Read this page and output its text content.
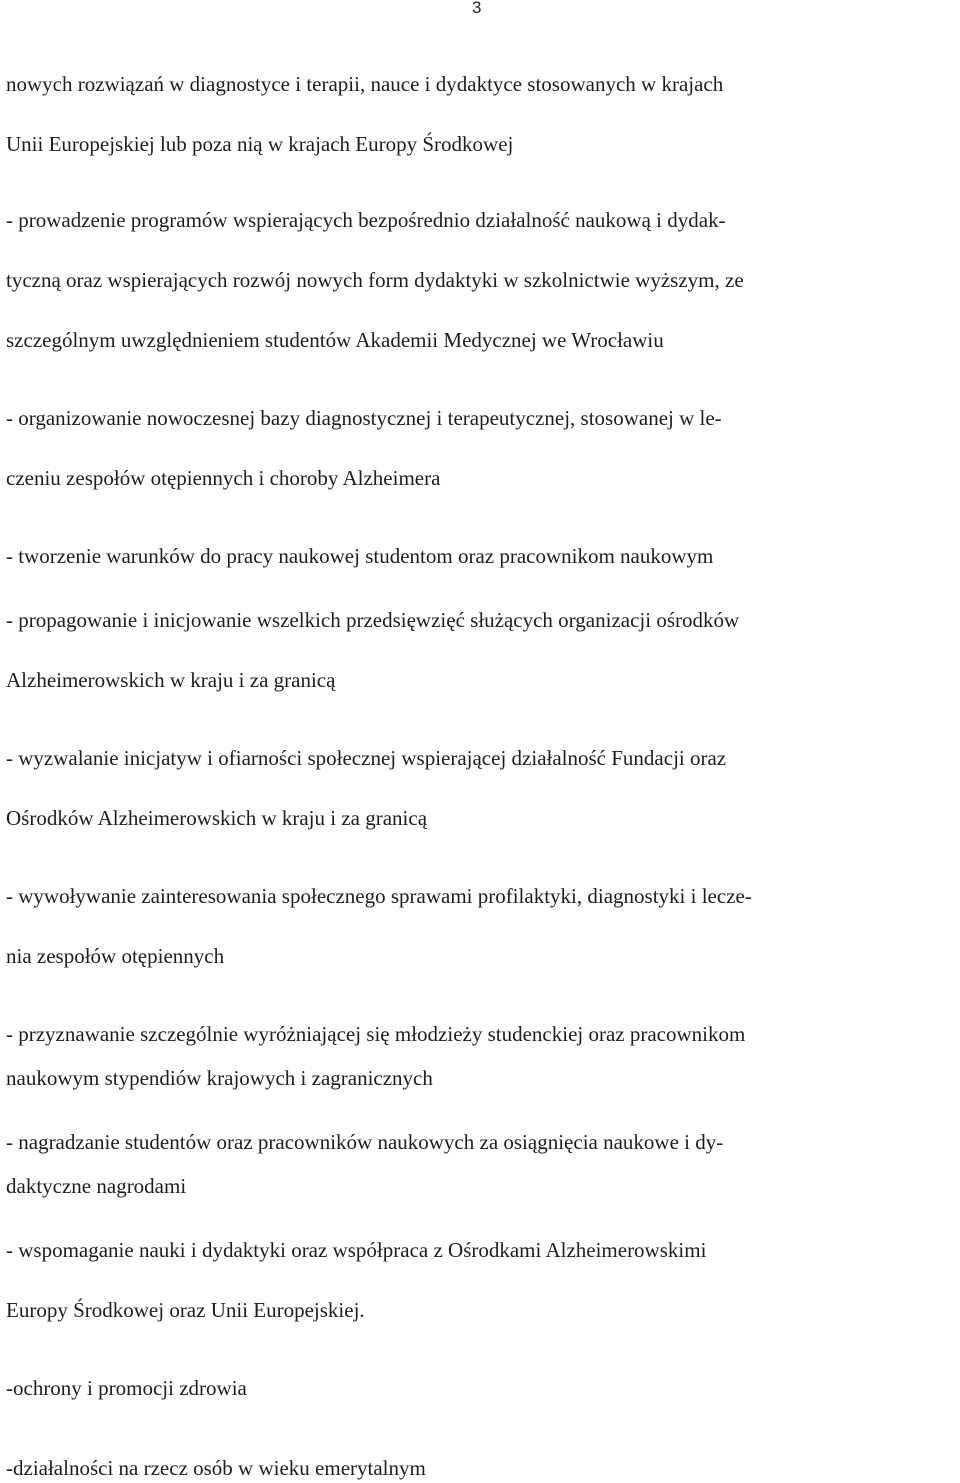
3
nowych rozwiązań w diagnostyce i terapii, nauce i dydaktyce stosowanych w krajach
Unii Europejskiej lub poza nią w krajach Europy Środkowej
- prowadzenie programów wspierających bezpośrednio działalność naukową i dydak-
tyczną oraz wspierających rozwój nowych form dydaktyki w szkolnictwie wyższym, ze
szczególnym uwzględnieniem studentów Akademii Medycznej we Wrocławiu
- organizowanie nowoczesnej bazy diagnostycznej i terapeutycznej, stosowanej w le-
czeniu zespołów otępiennych i choroby Alzheimera
- tworzenie warunków do pracy naukowej studentom oraz pracownikom naukowym
- propagowanie i inicjowanie wszelkich przedsięwzięć służących organizacji ośrodków
Alzheimerowskich w kraju i za granicą
- wyzwalanie inicjatyw i ofiarności społecznej wspierającej działalność Fundacji oraz
Ośrodków Alzheimerowskich w kraju i za granicą
- wywoływanie zainteresowania społecznego sprawami profilaktyki, diagnostyki i lecze-
nia zespołów otępiennych
- przyznawanie szczególnie wyróżniającej się młodzieży studenckiej oraz pracownikom
naukowym stypendiów krajowych i zagranicznych
- nagradzanie studentów oraz pracowników naukowych za osiągnięcia naukowe i dy-
daktyczne nagrodami
- wspomaganie nauki i dydaktyki oraz współpraca z Ośrodkami Alzheimerowskimi
Europy Środkowej oraz Unii Europejskiej.
-ochrony i promocji zdrowia
-działalności na rzecz osób w wieku emerytalnym
